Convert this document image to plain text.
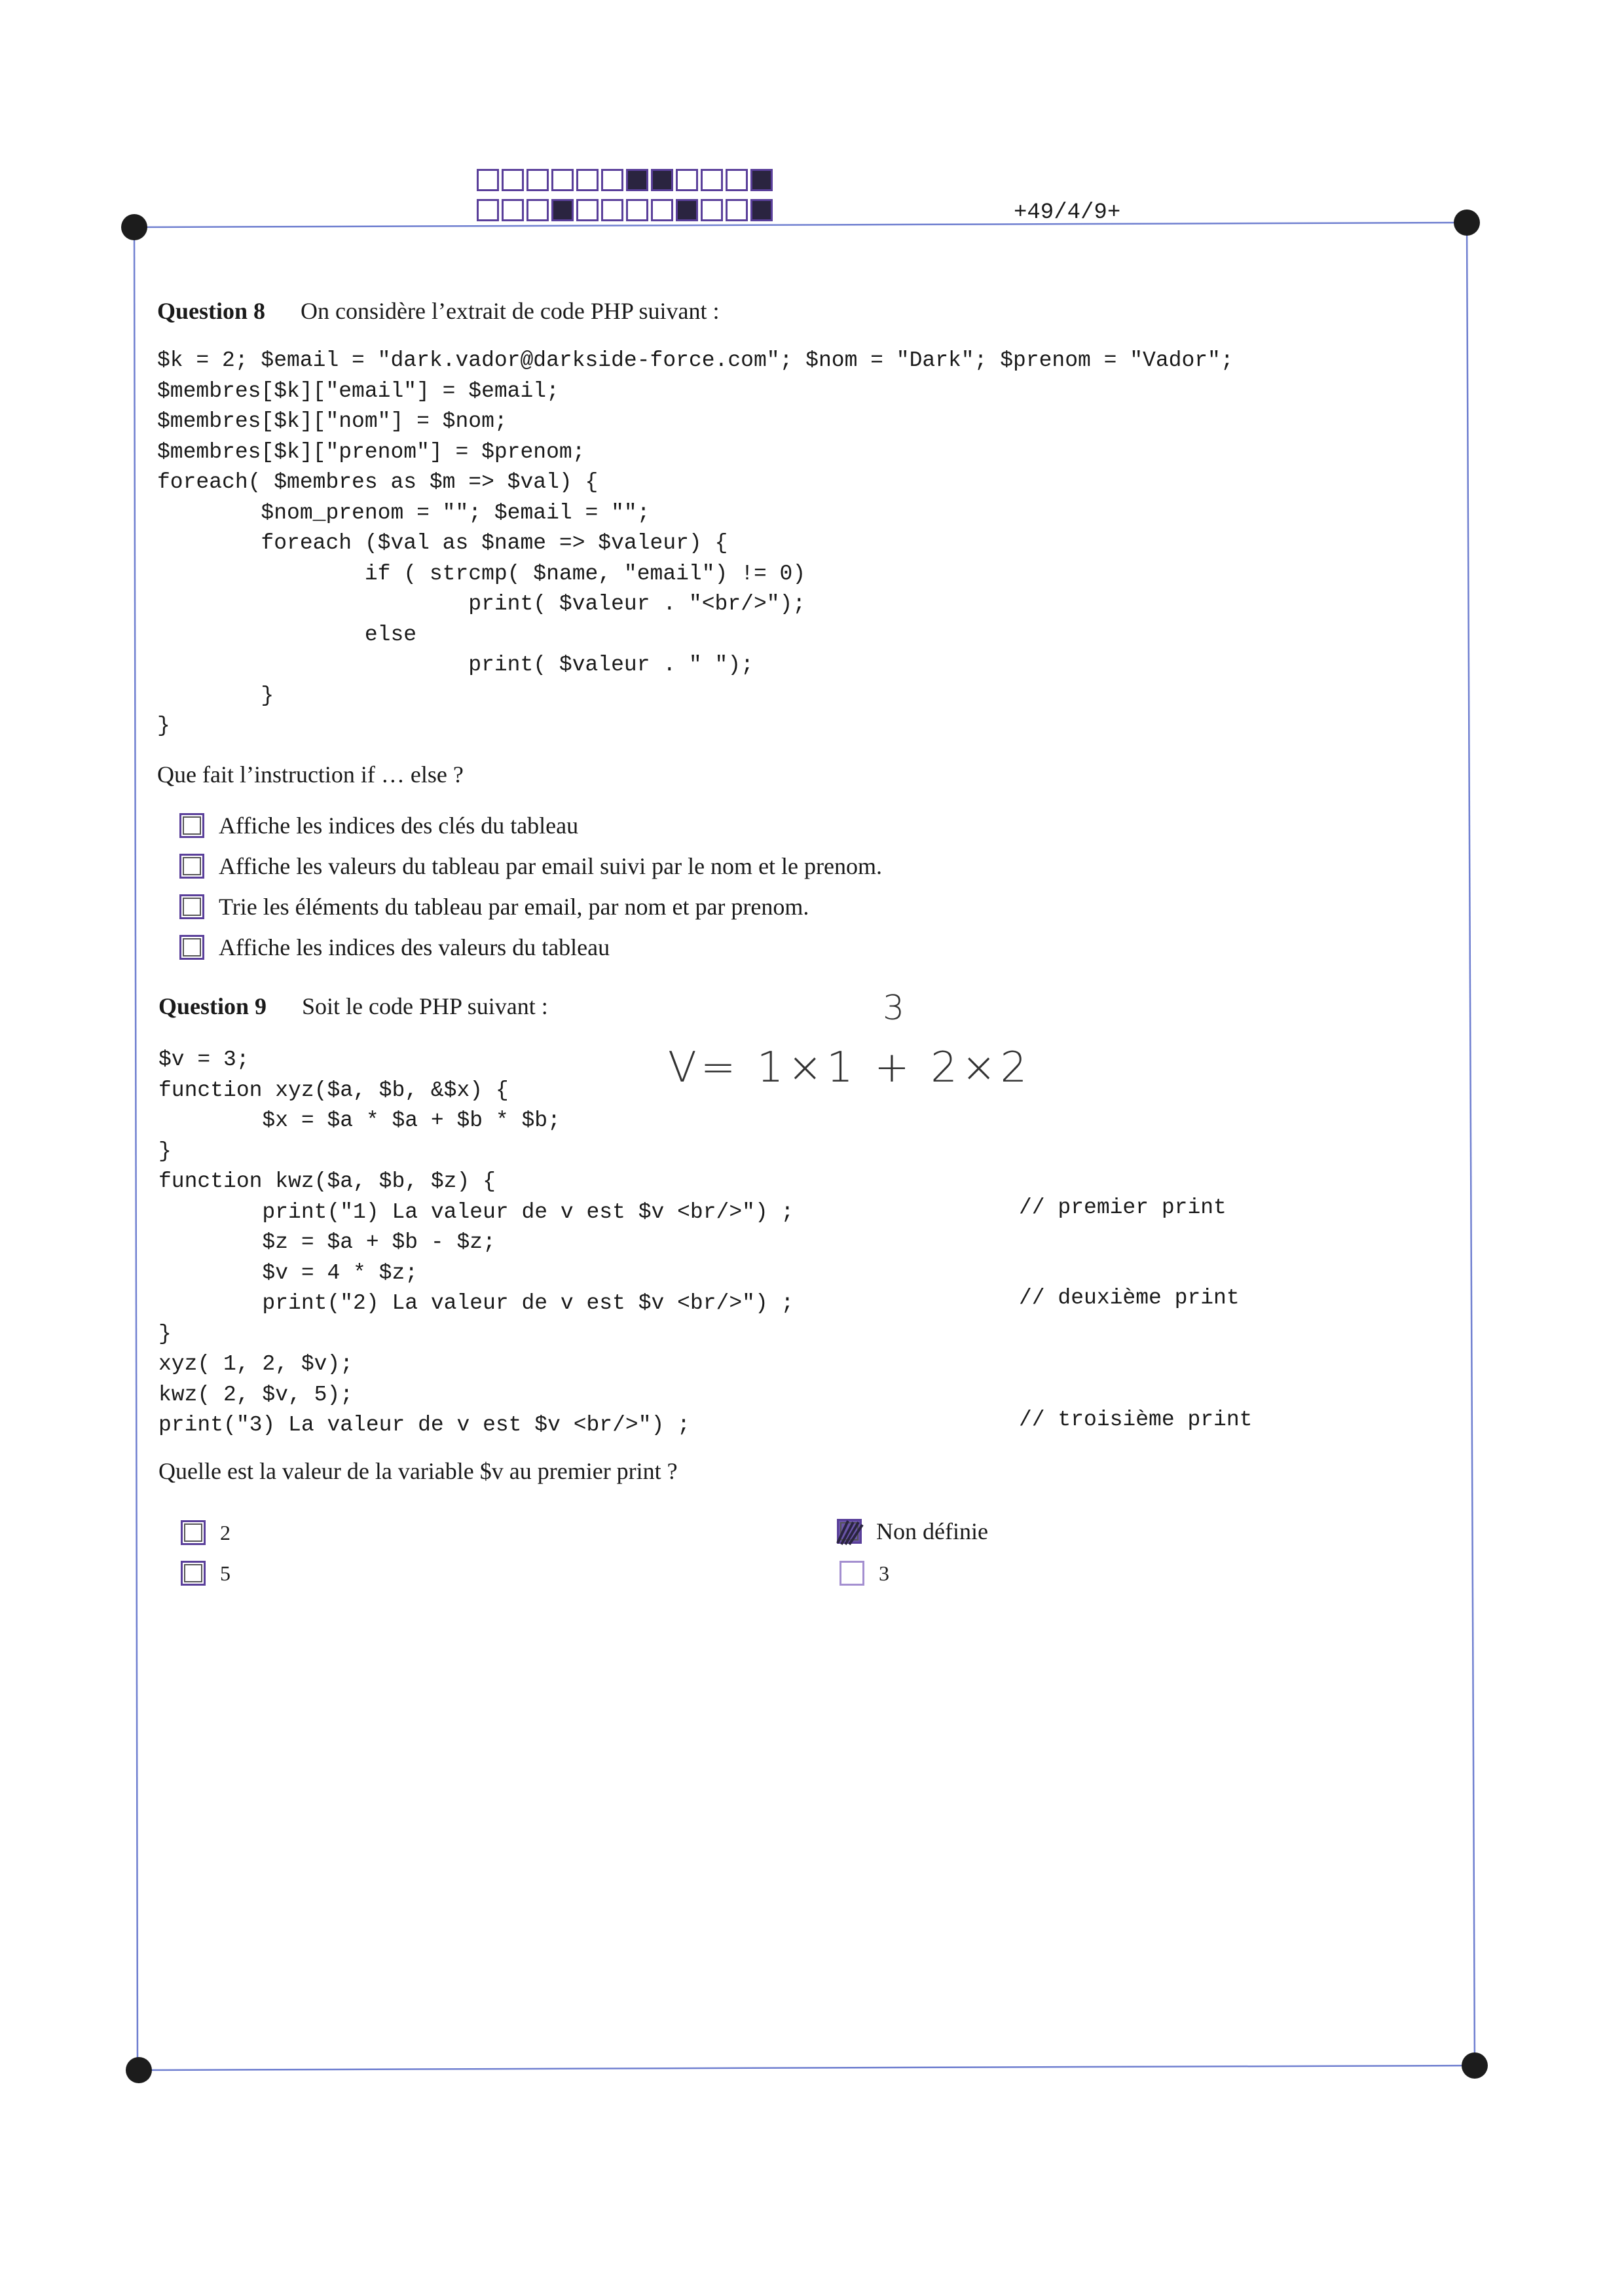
+49/4/9+
Question 8 On considère l’extrait de code PHP suivant :
$k = 2; $email = "dark.vador@darkside-force.com"; $nom = "Dark"; $prenom = "Vador";
$membres[$k]["email"] = $email;
$membres[$k]["nom"] = $nom;
$membres[$k]["prenom"] = $prenom;
foreach( $membres as $m => $val) {
$nom_prenom = ""; $email = "";
foreach ($val as $name => $valeur) {
if ( strcmp( $name, "email") != 0)
print( $valeur . "<br/>");
else
print( $valeur . " ");
}
}
Que fait l’instruction if … else ?
Affiche les indices des clés du tableau
Affiche les valeurs du tableau par email suivi par le nom et le prenom.
Trie les éléments du tableau par email, par nom et par prenom.
Affiche les indices des valeurs du tableau
Question 9 Soit le code PHP suivant :	3
V= 1×1 + 2×2
$v = 3;
function xyz($a, $b, &$x) {
$x = $a * $a + $b * $b;
}
function kwz($a, $b, $z) {
print("1) La valeur de v est $v <br/>") ;
$z = $a + $b - $z;
$v = 4 * $z;
print("2) La valeur de v est $v <br/>") ;
}
xyz( 1, 2, $v);
kwz( 2, $v, 5);
print("3) La valeur de v est $v <br/>") ;
// premier print
// deuxième print
// troisième print
Quelle est la valeur de la variable $v au premier print ?
2
5
Non définie
3
